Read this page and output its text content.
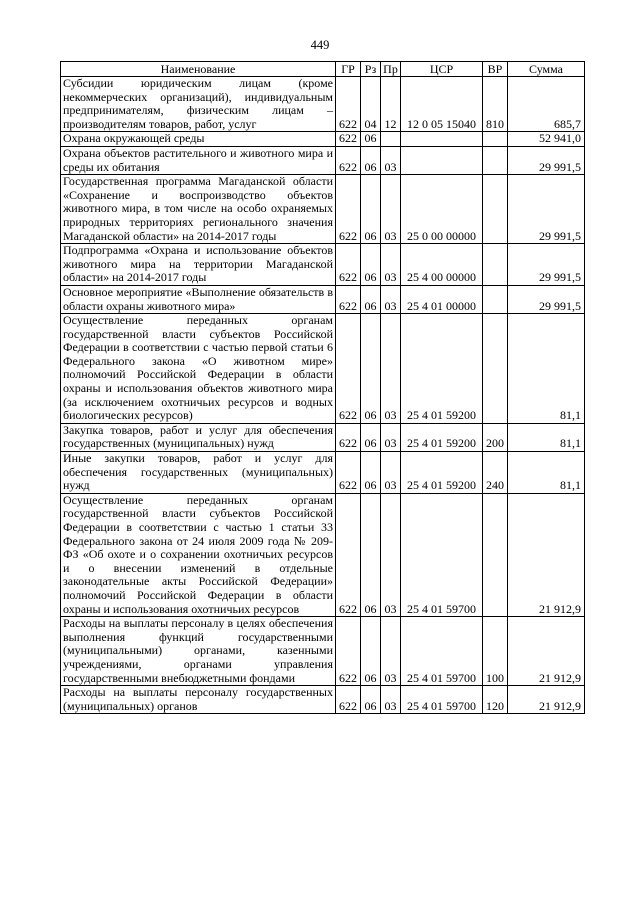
449
Наименование	ГР	Рз	Пр	ЦСР	ВР	Сумма
Субсидии юридическим лицам (кроме некоммерческих организаций), индивидуальным предпринимателям, физическим лицам – производителям товаров, работ, услуг	622	04	12	12 0 05 15040	810	685,7
Охрана окружающей среды	622	06				52 941,0
Охрана объектов растительного и животного мира и среды их обитания	622	06	03			29 991,5
Государственная программа Магаданской области «Сохранение и воспроизводство объектов животного мира, в том числе на особо охраняемых природных территориях регионального значения Магаданской области» на 2014-2017 годы	622	06	03	25 0 00 00000		29 991,5
Подпрограмма «Охрана и использование объектов животного мира на территории Магаданской области» на 2014-2017 годы	622	06	03	25 4 00 00000		29 991,5
Основное мероприятие «Выполнение обязательств в области охраны животного мира»	622	06	03	25 4 01 00000		29 991,5
Осуществление переданных органам государственной власти субъектов Российской Федерации в соответствии с частью первой статьи 6 Федерального закона «О животном мире» полномочий Российской Федерации в области охраны и использования объектов животного мира (за исключением охотничьих ресурсов и водных биологических ресурсов)	622	06	03	25 4 01 59200		81,1
Закупка товаров, работ и услуг для обеспечения государственных (муниципальных) нужд	622	06	03	25 4 01 59200	200	81,1
Иные закупки товаров, работ и услуг для обеспечения государственных (муниципальных) нужд	622	06	03	25 4 01 59200	240	81,1
Осуществление переданных органам государственной власти субъектов Российской Федерации в соответствии с частью 1 статьи 33 Федерального закона от 24 июля 2009 года № 209-ФЗ «Об охоте и о сохранении охотничьих ресурсов и о внесении изменений в отдельные законодательные акты Российской Федерации» полномочий Российской Федерации в области охраны и использования охотничьих ресурсов	622	06	03	25 4 01 59700		21 912,9
Расходы на выплаты персоналу в целях обеспечения выполнения функций государственными (муниципальными) органами, казенными учреждениями, органами управления государственными внебюджетными фондами	622	06	03	25 4 01 59700	100	21 912,9
Расходы на выплаты персоналу государственных (муниципальных) органов	622	06	03	25 4 01 59700	120	21 912,9
